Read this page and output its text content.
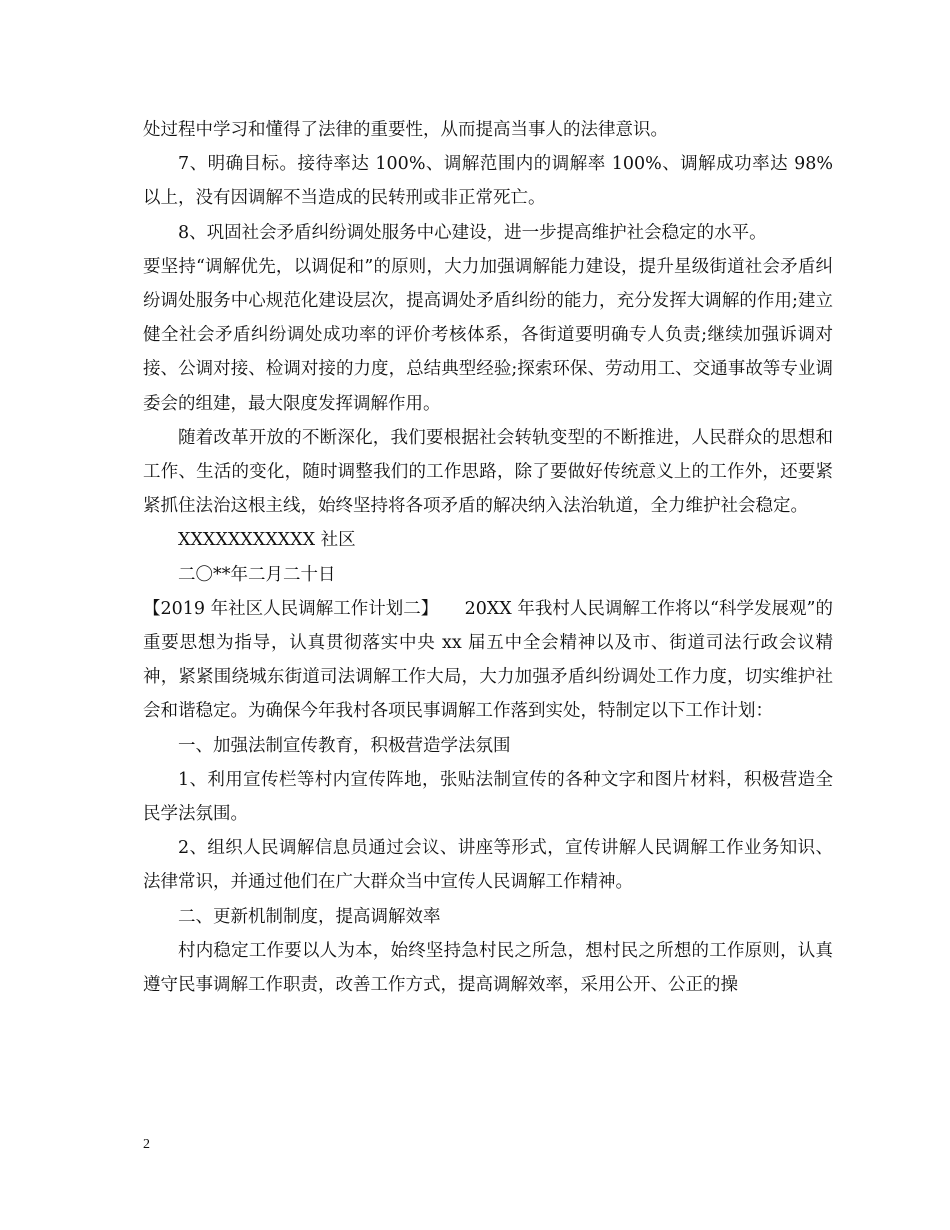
处过程中学习和懂得了法律的重要性，从而提高当事人的法律意识。

7、明确目标。接待率达 100%、调解范围内的调解率 100%、调解成功率达 98%以上，没有因调解不当造成的民转刑或非正常死亡。

8、巩固社会矛盾纠纷调处服务中心建设，进一步提高维护社会稳定的水平。

要坚持“调解优先，以调促和”的原则，大力加强调解能力建设，提升星级街道社会矛盾纠纷调处服务中心规范化建设层次，提高调处矛盾纠纷的能力，充分发挥大调解的作用;建立健全社会矛盾纠纷调处成功率的评价考核体系，各街道要明确专人负责;继续加强诉调对接、公调对接、检调对接的力度，总结典型经验;探索环保、劳动用工、交通事故等专业调委会的组建，最大限度发挥调解作用。

随着改革开放的不断深化，我们要根据社会转轨变型的不断推进，人民群众的思想和工作、生活的变化，随时调整我们的工作思路，除了要做好传统意义上的工作外，还要紧紧抓住法治这根主线，始终坚持将各项矛盾的解决纳入法治轨道，全力维护社会稳定。

XXXXXXXXXXX 社区

二〇**年二月二十日

【2019 年社区人民调解工作计划二】　　20XX 年我村人民调解工作将以“科学发展观”的重要思想为指导，认真贯彻落实中央 xx 届五中全会精神以及市、街道司法行政会议精神，紧紧围绕城东街道司法调解工作大局，大力加强矛盾纠纷调处工作力度，切实维护社会和谐稳定。为确保今年我村各项民事调解工作落到实处，特制定以下工作计划：

一、加强法制宣传教育，积极营造学法氛围

1、利用宣传栏等村内宣传阵地，张贴法制宣传的各种文字和图片材料，积极营造全民学法氛围。

2、组织人民调解信息员通过会议、讲座等形式，宣传讲解人民调解工作业务知识、法律常识，并通过他们在广大群众当中宣传人民调解工作精神。

二、更新机制制度，提高调解效率

村内稳定工作要以人为本，始终坚持急村民之所急，想村民之所想的工作原则，认真遵守民事调解工作职责，改善工作方式，提高调解效率，采用公开、公正的操

2
